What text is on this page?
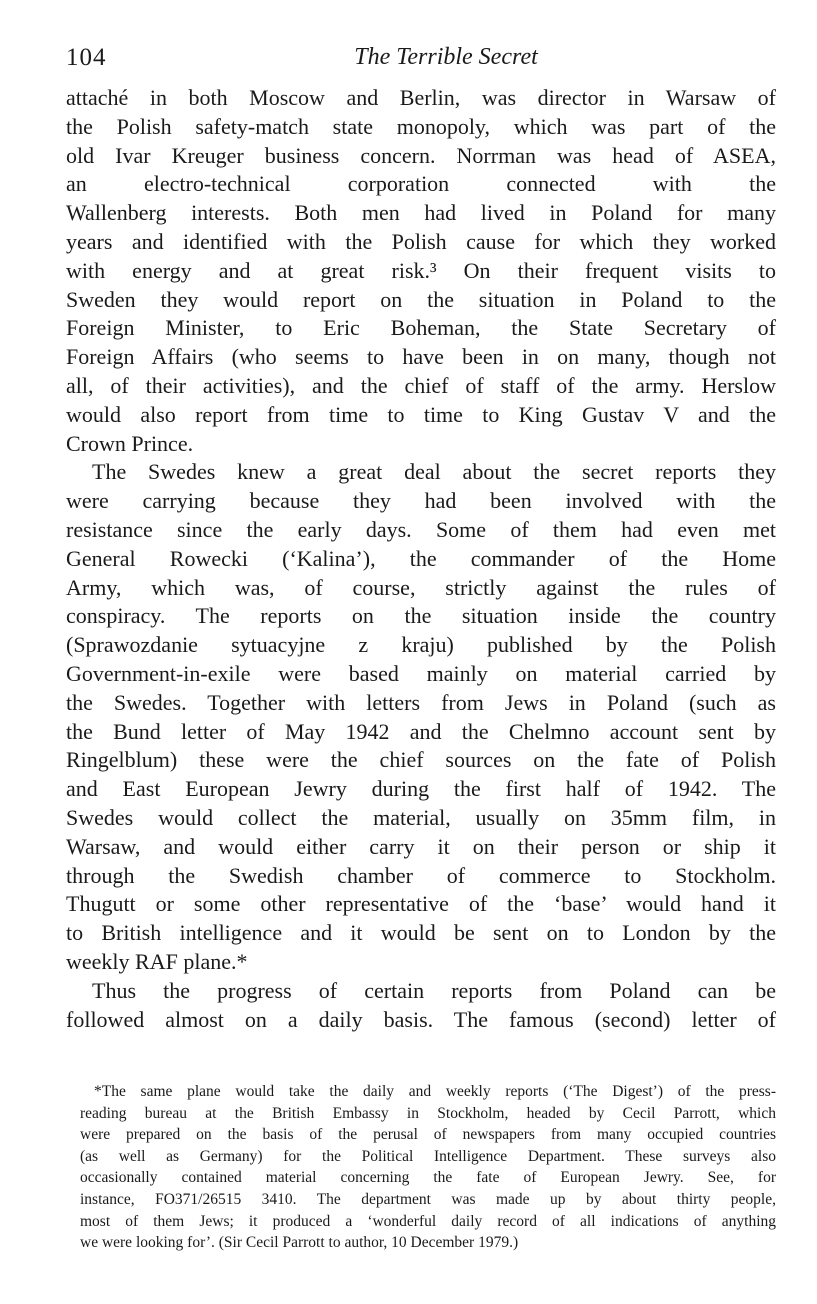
104	The Terrible Secret
attaché in both Moscow and Berlin, was director in Warsaw of
the Polish safety-match state monopoly, which was part of the
old Ivar Kreuger business concern. Norrman was head of ASEA,
an electro-technical corporation connected with the
Wallenberg interests. Both men had lived in Poland for many
years and identified with the Polish cause for which they worked
with energy and at great risk.³ On their frequent visits to
Sweden they would report on the situation in Poland to the
Foreign Minister, to Eric Boheman, the State Secretary of
Foreign Affairs (who seems to have been in on many, though not
all, of their activities), and the chief of staff of the army. Herslow
would also report from time to time to King Gustav V and the
Crown Prince.
The Swedes knew a great deal about the secret reports they
were carrying because they had been involved with the
resistance since the early days. Some of them had even met
General Rowecki (‘Kalina’), the commander of the Home
Army, which was, of course, strictly against the rules of
conspiracy. The reports on the situation inside the country
(Sprawozdanie sytuacyjne z kraju) published by the Polish
Government-in-exile were based mainly on material carried by
the Swedes. Together with letters from Jews in Poland (such as
the Bund letter of May 1942 and the Chelmno account sent by
Ringelblum) these were the chief sources on the fate of Polish
and East European Jewry during the first half of 1942. The
Swedes would collect the material, usually on 35mm film, in
Warsaw, and would either carry it on their person or ship it
through the Swedish chamber of commerce to Stockholm.
Thugutt or some other representative of the ‘base’ would hand it
to British intelligence and it would be sent on to London by the
weekly RAF plane.*
Thus the progress of certain reports from Poland can be
followed almost on a daily basis. The famous (second) letter of
*The same plane would take the daily and weekly reports (‘The Digest’) of the press-
reading bureau at the British Embassy in Stockholm, headed by Cecil Parrott, which
were prepared on the basis of the perusal of newspapers from many occupied countries
(as well as Germany) for the Political Intelligence Department. These surveys also
occasionally contained material concerning the fate of European Jewry. See, for
instance, FO371/26515 3410. The department was made up by about thirty people,
most of them Jews; it produced a ‘wonderful daily record of all indications of anything
we were looking for’. (Sir Cecil Parrott to author, 10 December 1979.)
